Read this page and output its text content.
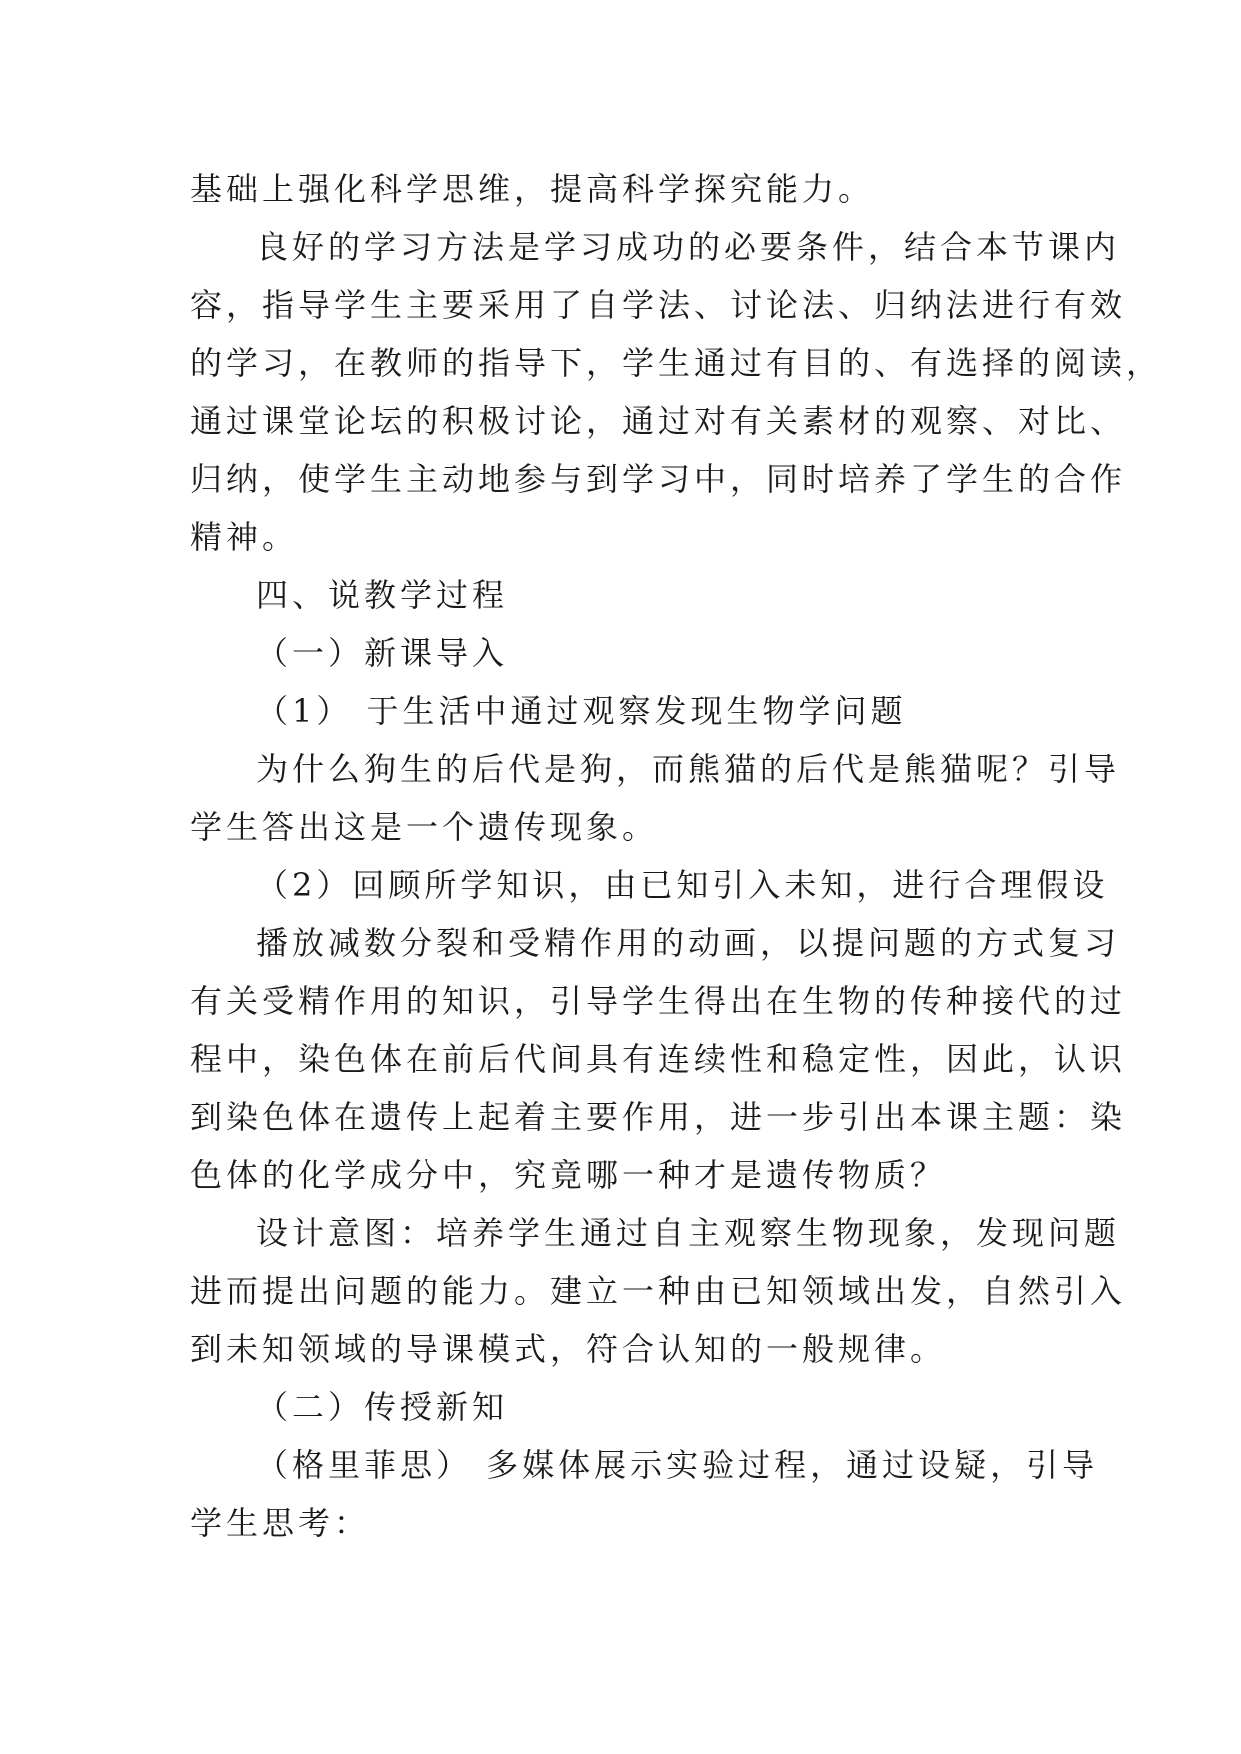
基础上强化科学思维，提高科学探究能力。
良好的学习方法是学习成功的必要条件，结合本节课内
容，指导学生主要采用了自学法、讨论法、归纳法进行有效
的学习，在教师的指导下，学生通过有目的、有选择的阅读，
通过课堂论坛的积极讨论，通过对有关素材的观察、对比、
归纳，使学生主动地参与到学习中，同时培养了学生的合作
精神。
四、说教学过程
（一）新课导入
（1） 于生活中通过观察发现生物学问题
为什么狗生的后代是狗，而熊猫的后代是熊猫呢？引导
学生答出这是一个遗传现象。
（2）回顾所学知识，由已知引入未知，进行合理假设
播放减数分裂和受精作用的动画，以提问题的方式复习
有关受精作用的知识，引导学生得出在生物的传种接代的过
程中，染色体在前后代间具有连续性和稳定性，因此，认识
到染色体在遗传上起着主要作用，进一步引出本课主题：染
色体的化学成分中，究竟哪一种才是遗传物质？
设计意图：培养学生通过自主观察生物现象，发现问题
进而提出问题的能力。建立一种由已知领域出发，自然引入
到未知领域的导课模式，符合认知的一般规律。
（二）传授新知
（格里菲思） 多媒体展示实验过程，通过设疑，引导
学生思考：
